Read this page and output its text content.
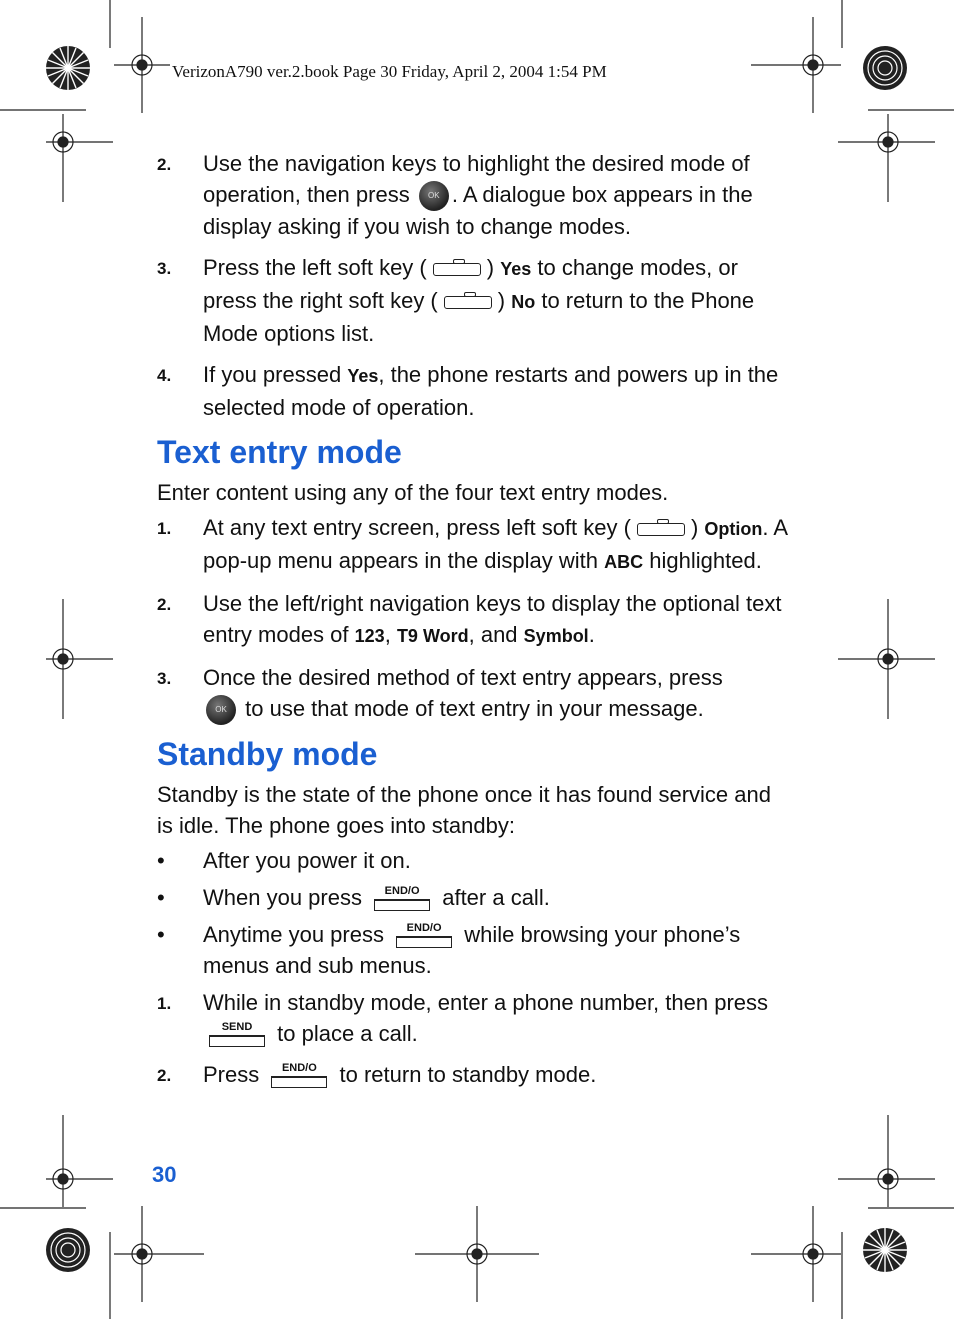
VerizonA790 ver.2.book Page 30 Friday, April 2, 2004 1:54 PM
2. Use the navigation keys to highlight the desired mode of operation, then press	OK . A dialogue box appears in the display asking if you wish to change modes.
3. Press the left soft key (	) Yes to change modes, or press the right soft key (	) No to return to the Phone Mode options list.
4. If you pressed Yes, the phone restarts and powers up in the selected mode of operation.
Text entry mode
Enter content using any of the four text entry modes.
1. At any text entry screen, press left soft key (	) Option. A pop-up menu appears in the display with ABC highlighted.
2. Use the left/right navigation keys to display the optional text entry modes of 123, T9 Word, and Symbol.
3. Once the desired method of text entry appears, press

OK to use that mode of text entry in your message.
Standby mode
Standby is the state of the phone once it has found service and is idle. The phone goes into standby:
• After you power it on.
• When you press	END/O	after a call.
• Anytime you press	END/O	while browsing your phone’s menus and sub menus.
1. While in standby mode, enter a phone number, then press
SEND	to place a call.
2. Press	END/O	to return to standby mode.
30
